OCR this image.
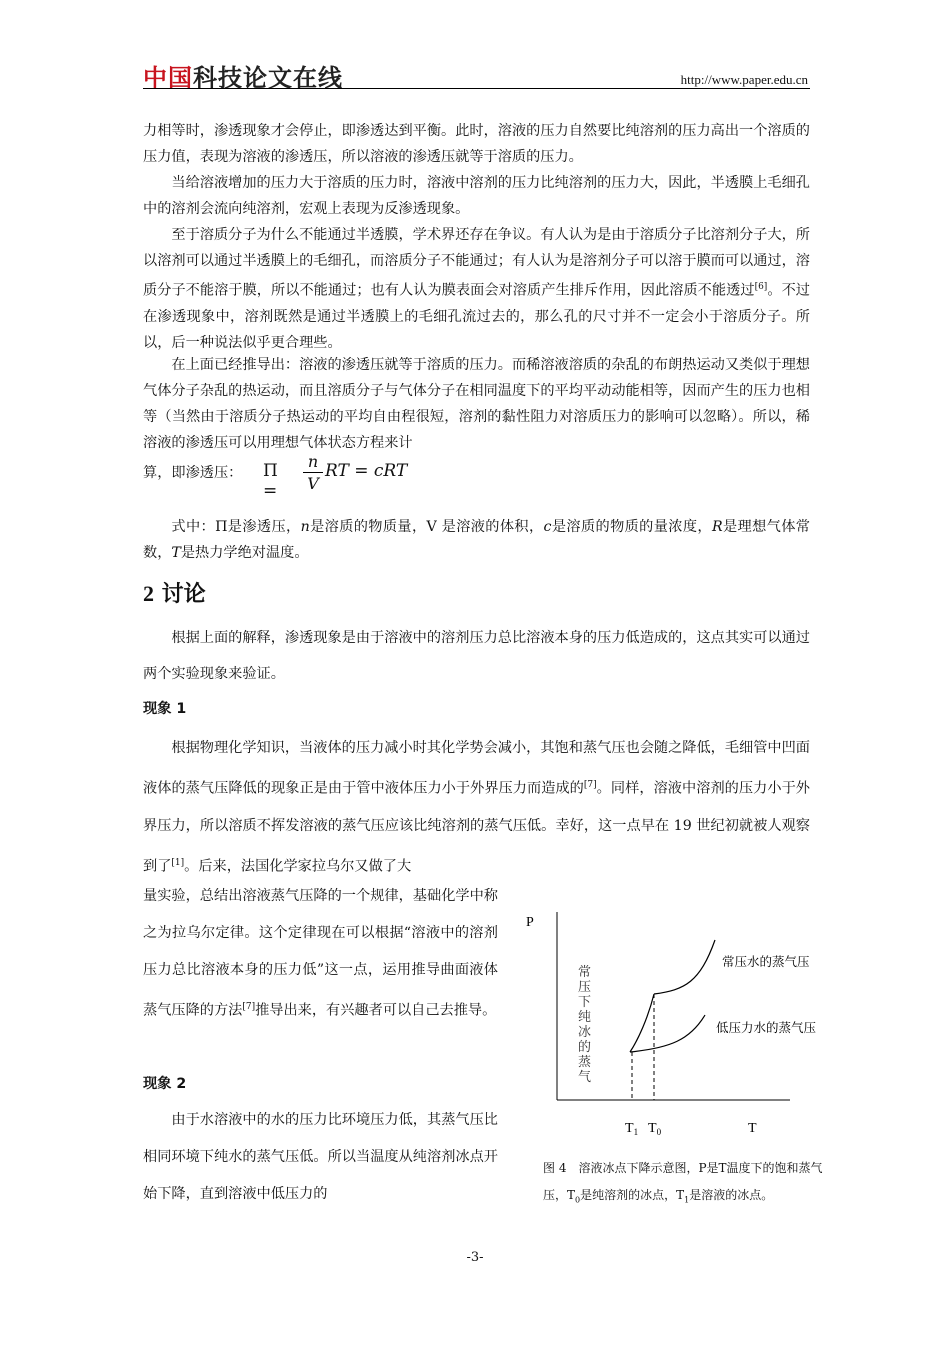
中国科技论文在线	http://www.paper.edu.cn

力相等时，渗透现象才会停止，即渗透达到平衡。此时，溶液的压力自然要比纯溶剂的压力高出一个溶质的压力值，表现为溶液的渗透压，所以溶液的渗透压就等于溶质的压力。

当给溶液增加的压力大于溶质的压力时，溶液中溶剂的压力比纯溶剂的压力大，因此，半透膜上毛细孔中的溶剂会流向纯溶剂，宏观上表现为反渗透现象。

至于溶质分子为什么不能通过半透膜，学术界还存在争议。有人认为是由于溶质分子比溶剂分子大，所以溶剂可以通过半透膜上的毛细孔，而溶质分子不能通过；有人认为是溶剂分子可以溶于膜而可以通过，溶质分子不能溶于膜，所以不能通过；也有人认为膜表面会对溶质产生排斥作用，因此溶质不能透过[6]。不过在渗透现象中，溶剂既然是通过半透膜上的毛细孔流过去的，那么孔的尺寸并不一定会小于溶质分子。所以，后一种说法似乎更合理些。

在上面已经推导出：溶液的渗透压就等于溶质的压力。而稀溶液溶质的杂乱的布朗热运动又类似于理想气体分子杂乱的热运动，而且溶质分子与气体分子在相同温度下的平均平动动能相等，因而产生的压力也相等（当然由于溶质分子热运动的平均自由程很短，溶剂的黏性阻力对溶质压力的影响可以忽略）。所以，稀溶液的渗透压可以用理想气体状态方程来计

算，即渗透压： $\Pi = \frac{n}{V}$ RT = cRT

式中：Π是渗透压，n是溶质的物质量，V 是溶液的体积，c是溶质的物质的量浓度，R是理想气体常数，T是热力学绝对温度。

2 讨论

根据上面的解释，渗透现象是由于溶液中的溶剂压力总比溶液本身的压力低造成的，这点其实可以通过两个实验现象来验证。

现象 1

根据物理化学知识，当液体的压力减小时其化学势会减小，其饱和蒸气压也会随之降低，毛细管中凹面液体的蒸气压降低的现象正是由于管中液体压力小于外界压力而造成的[7]。同样，溶液中溶剂的压力小于外界压力，所以溶质不挥发溶液的蒸气压应该比纯溶剂的蒸气压低。幸好，这一点早在 19 世纪初就被人观察到了[1]。后来，法国化学家拉乌尔又做了大

量实验，总结出溶液蒸气压降的一个规律，基础化学中称之为拉乌尔定律。这个定律现在可以根据“溶液中的溶剂压力总比溶液本身的压力低”这一点，运用推导曲面液体蒸气压降的方法[7]推导出来，有兴趣者可以自己去推导。

现象 2

由于水溶液中的水的压力比环境压力低，其蒸气压比相同环境下纯水的蒸气压低。所以当温度从纯溶剂冰点开始下降，直到溶液中低压力的

P
常压下纯冰的蒸气
常压水的蒸气压
低压力水的蒸气压
$T_1$ $T_0$	T
图 4　溶液冰点下降示意图，P是T温度下的饱和蒸气压，$T_0$是纯溶剂的冰点，$T_1$是溶液的冰点。
-3-
